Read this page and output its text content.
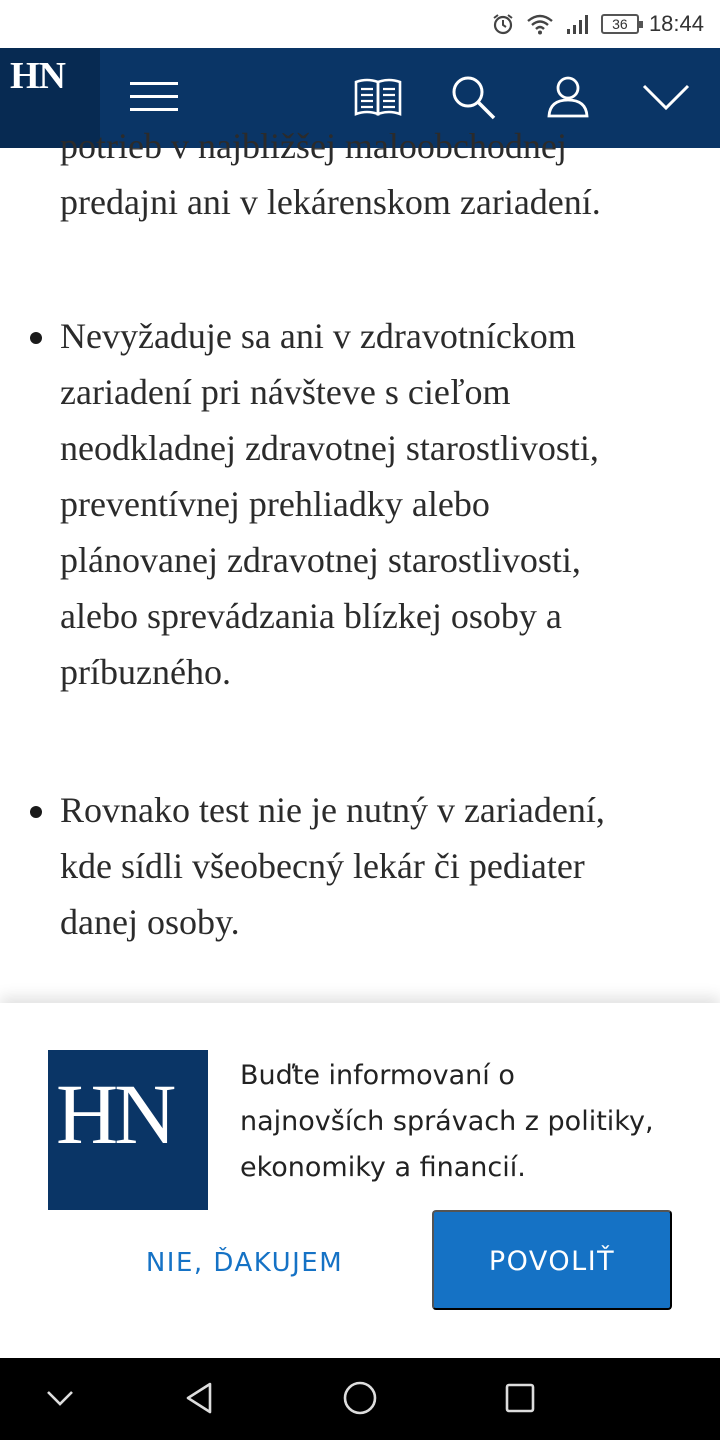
36 18:44
HN
potrieb v najbližšej maloobchodnej
predajni ani v lekárenskom zariadení.
Nevyžaduje sa ani v zdravotníckom
zariadení pri návšteve s cieľom
neodkladnej zdravotnej starostlivosti,
preventívnej prehliadky alebo
plánovanej zdravotnej starostlivosti,
alebo sprevádzania blízkej osoby a
príbuzného.
Rovnako test nie je nutný v zariadení,
kde sídli všeobecný lekár či pediater
danej osoby.
HN	Buďte informovaní o
najnovších správach z politiky,
ekonomiky a financií.
NIE, ĎAKUJEM	POVOLIŤ
